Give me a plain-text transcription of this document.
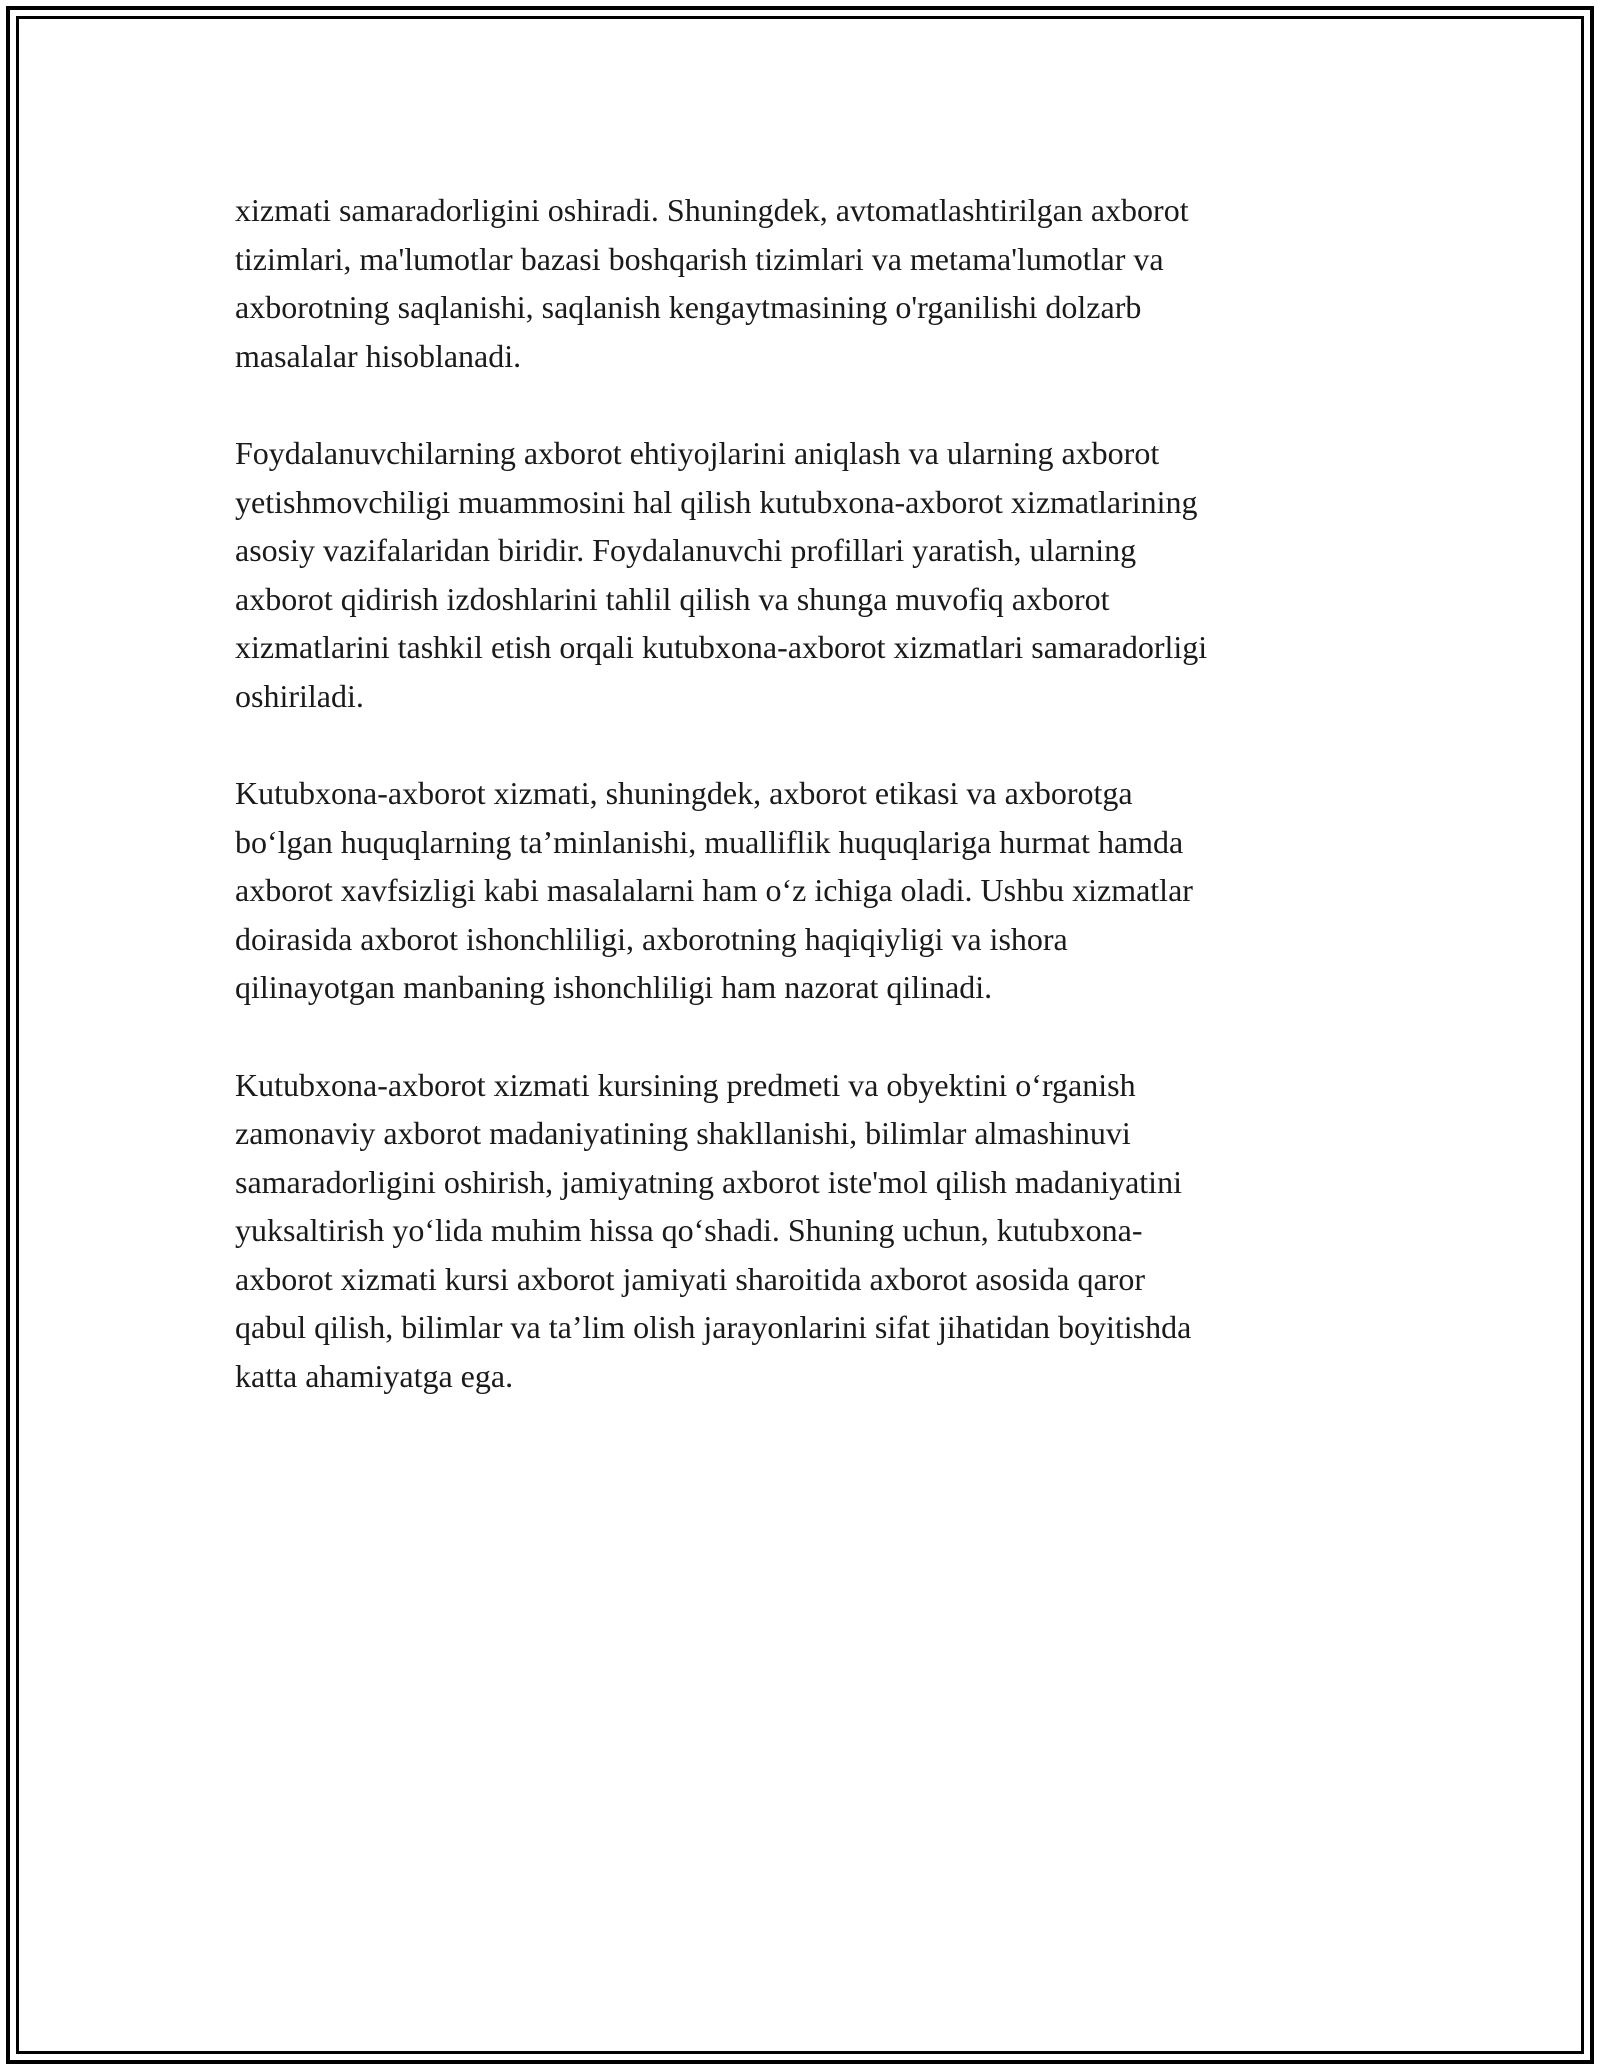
xizmati samaradorligini oshiradi. Shuningdek, avtomatlashtirilgan axborot
tizimlari, ma'lumotlar bazasi boshqarish tizimlari va metama'lumotlar va
axborotning saqlanishi, saqlanish kengaytmasining o'rganilishi dolzarb
masalalar hisoblanadi.

Foydalanuvchilarning axborot ehtiyojlarini aniqlash va ularning axborot
yetishmovchiligi muammosini hal qilish kutubxona-axborot xizmatlarining
asosiy vazifalaridan biridir. Foydalanuvchi profillari yaratish, ularning
axborot qidirish izdoshlarini tahlil qilish va shunga muvofiq axborot
xizmatlarini tashkil etish orqali kutubxona-axborot xizmatlari samaradorligi
oshiriladi.

Kutubxona-axborot xizmati, shuningdek, axborot etikasi va axborotga
boʻlgan huquqlarning taʼminlanishi, mualliflik huquqlariga hurmat hamda
axborot xavfsizligi kabi masalalarni ham oʻz ichiga oladi. Ushbu xizmatlar
doirasida axborot ishonchliligi, axborotning haqiqiyligi va ishora
qilinayotgan manbaning ishonchliligi ham nazorat qilinadi.

Kutubxona-axborot xizmati kursining predmeti va obyektini oʻrganish
zamonaviy axborot madaniyatining shakllanishi, bilimlar almashinuvi
samaradorligini oshirish, jamiyatning axborot iste'mol qilish madaniyatini
yuksaltirish yoʻlida muhim hissa qoʻshadi. Shuning uchun, kutubxona-
axborot xizmati kursi axborot jamiyati sharoitida axborot asosida qaror
qabul qilish, bilimlar va taʼlim olish jarayonlarini sifat jihatidan boyitishda
katta ahamiyatga ega.
